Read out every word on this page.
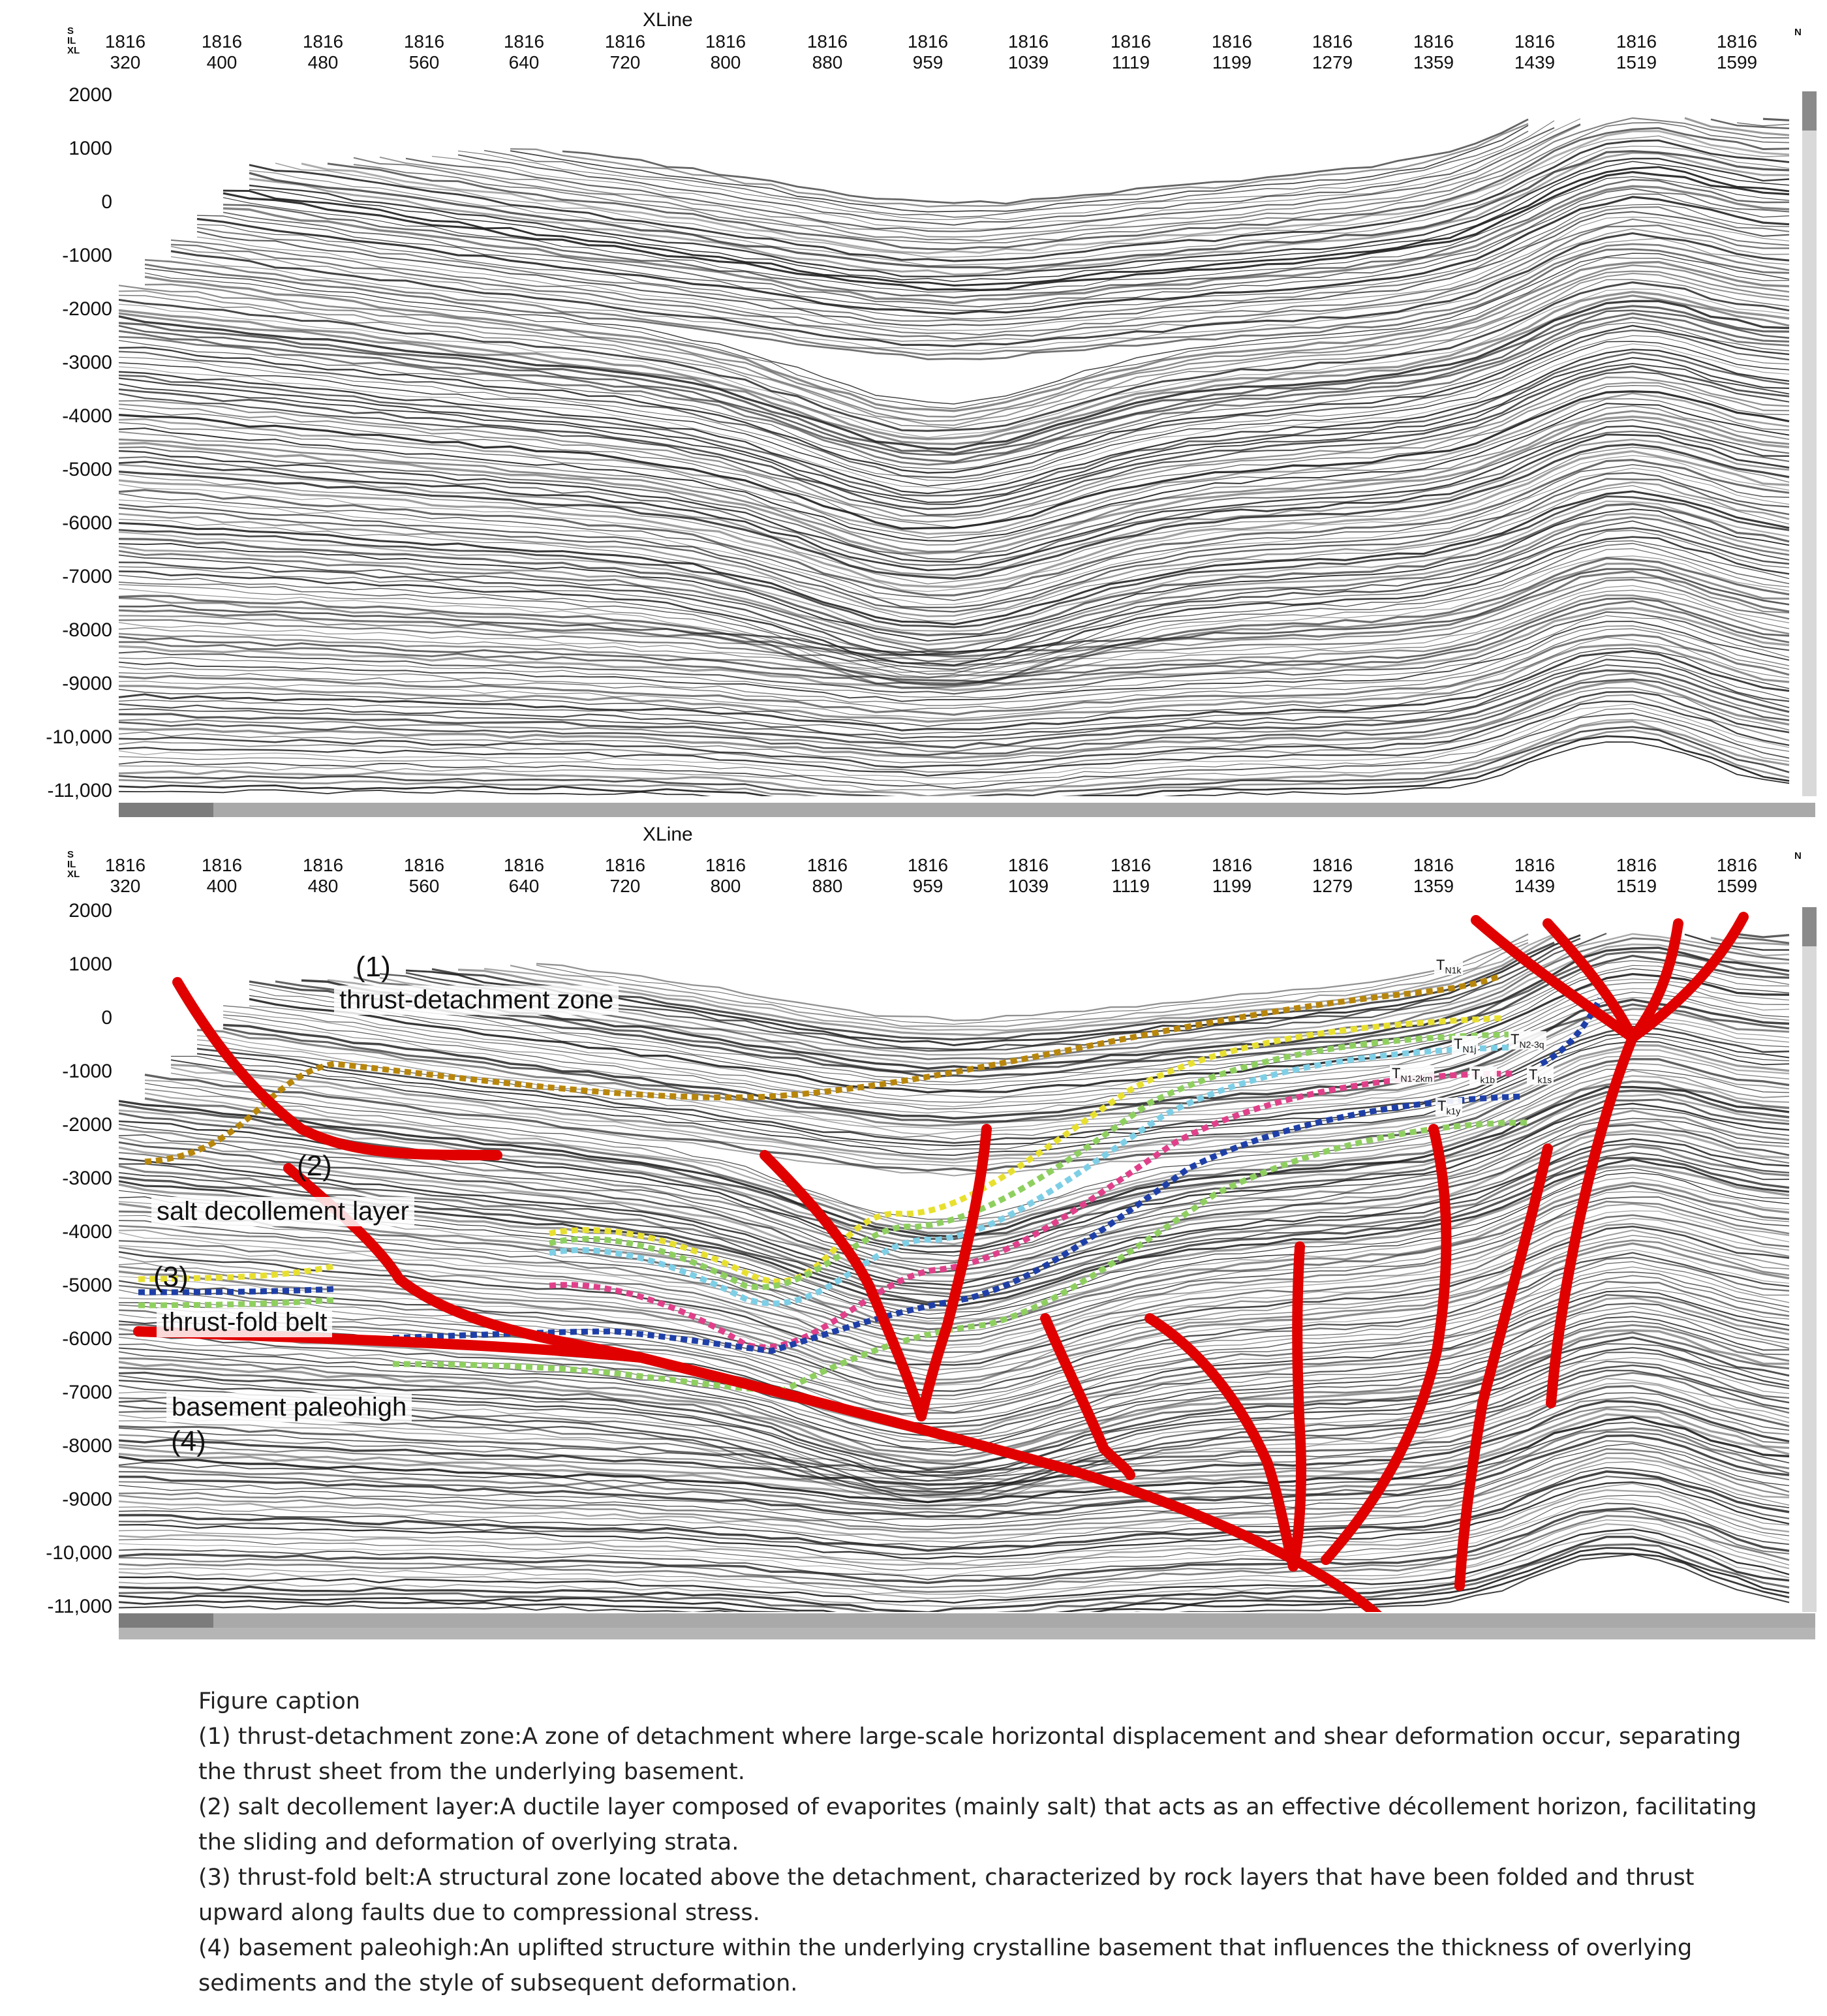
XLine
S
IL
XL
N
1816
320
1816
400
1816
480
1816
560
1816
640
1816
720
1816
800
1816
880
1816
959
1816
1039
1816
1119
1816
1199
1816
1279
1816
1359
1816
1439
1816
1519
1816
1599
2000
1000
0
-1000
-2000
-3000
-4000
-5000
-6000
-7000
-8000
-9000
-10,000
-11,000
XLine
S
IL
XL
N
1816
320
1816
400
1816
480
1816
560
1816
640
1816
720
1816
800
1816
880
1816
959
1816
1039
1816
1119
1816
1199
1816
1279
1816
1359
1816
1439
1816
1519
1816
1599
2000
1000
0
-1000
-2000
-3000
-4000
-5000
-6000
-7000
-8000
-9000
-10,000
-11,000
(1)
thrust-detachment zone
(2)
salt decollement layer
(3)
thrust-fold belt
basement paleohigh
(4)
$T_{N1k}$
$T_{N1j}$
$T_{N2-3q}$
$T_{N1-2km}$	$T_{k1b}$ $T_{k1s}$
$T_{k1y}$

Figure caption

(1) thrust-detachment zone:A zone of detachment where large-scale horizontal displacement and shear deformation occur, separating the thrust sheet from the underlying basement.

(2) salt decollement layer:A ductile layer composed of evaporites (mainly salt) that acts as an effective décollement horizon, facilitating the sliding and deformation of overlying strata.

(3) thrust-fold belt:A structural zone located above the detachment, characterized by rock layers that have been folded and thrust upward along faults due to compressional stress.

(4) basement paleohigh:An uplifted structure within the underlying crystalline basement that influences the thickness of overlying sediments and the style of subsequent deformation.
